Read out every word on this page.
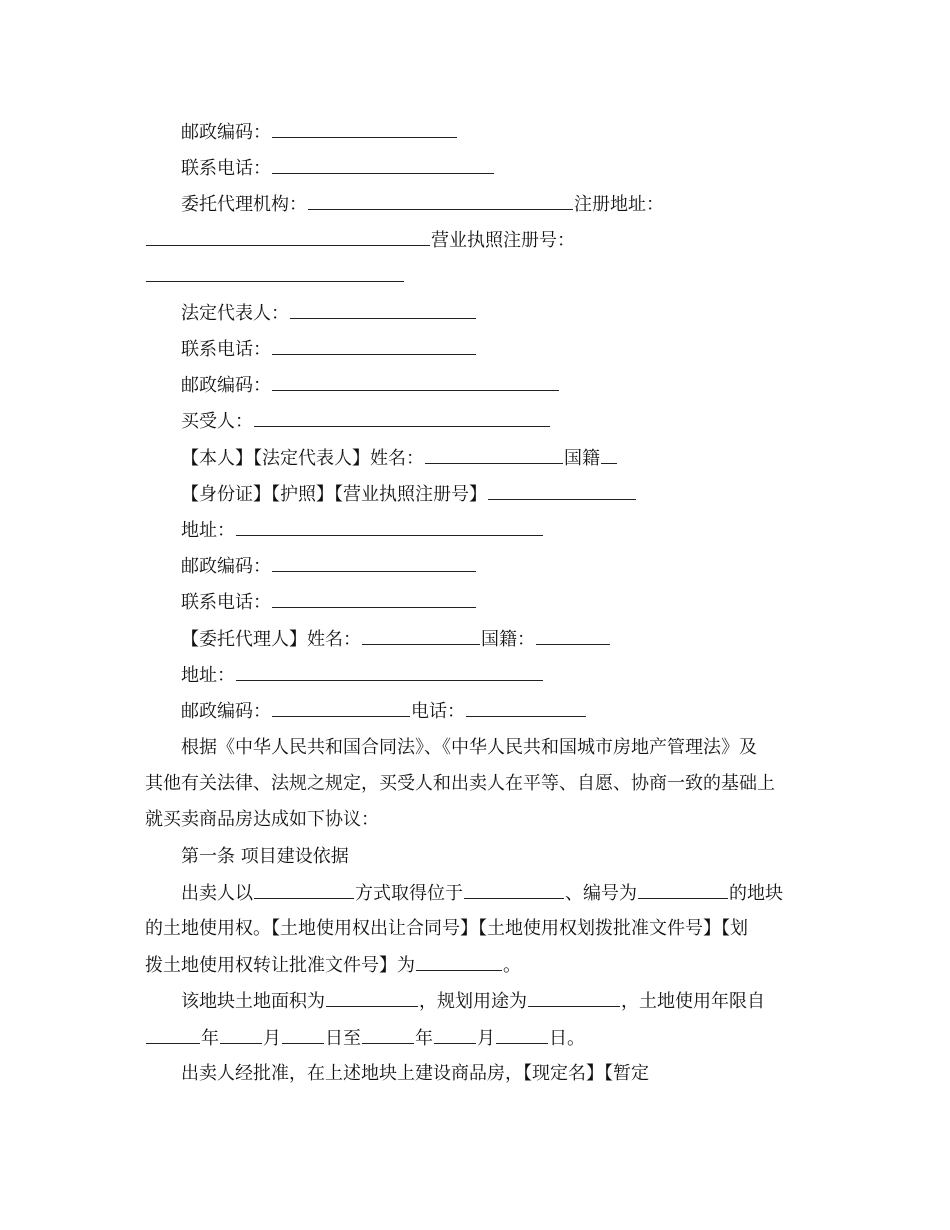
邮政编码：
联系电话：
委托代理机构：	注册地址：
营业执照注册号：
法定代表人：
联系电话：
邮政编码：
买受人：
【本人】【法定代表人】姓名：	国籍
【身份证】【护照】【营业执照注册号】
地址：
邮政编码：
联系电话：
【委托代理人】姓名：	国籍：
地址：
邮政编码：	电话：
根据《中华人民共和国合同法》、《中华人民共和国城市房地产管理法》及
其他有关法律、法规之规定，买受人和出卖人在平等、自愿、协商一致的基础上
就买卖商品房达成如下协议：
第一条 项目建设依据
出卖人以	方式取得位于	、编号为	的地块
的土地使用权。【土地使用权出让合同号】【土地使用权划拨批准文件号】【划
拨土地使用权转让批准文件号】为	。
该地块土地面积为	，规划用途为	，土地使用年限自
年 月 日至	年 月	日。
出卖人经批准，在上述地块上建设商品房，【现定名】【暂定
